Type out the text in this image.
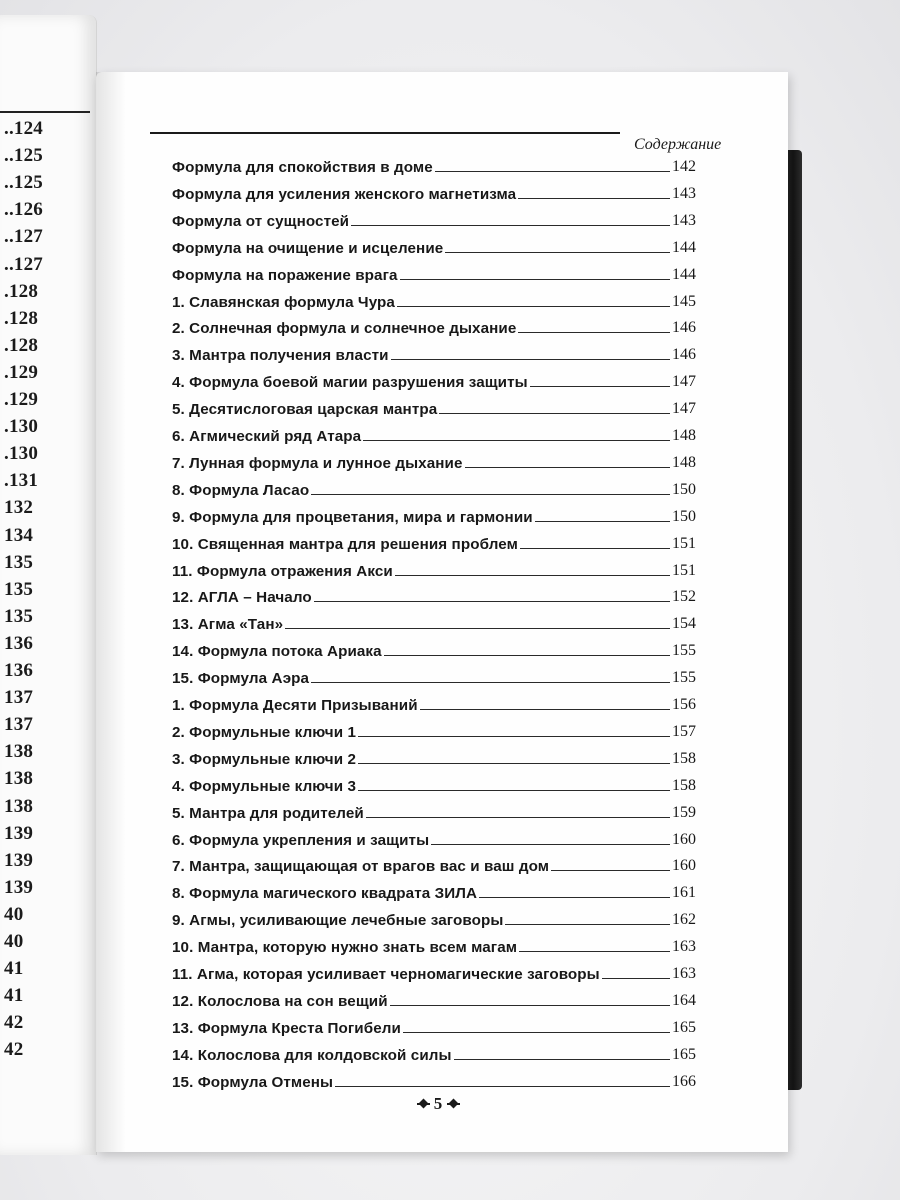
..124
..125
..125
..126
..127
..127
.128
.128
.128
.129
.129
.130
.130
.131
132
134
135
135
135
136
136
137
137
138
138
138
139
139
139
40
40
41
41
42
42
Содержание
Формула для спокойствия в доме	142
Формула для усиления женского магнетизма	143
Формула от сущностей	143
Формула на очищение и исцеление	144
Формула на поражение врага	144
1. Славянская формула Чура	145
2. Солнечная формула и солнечное дыхание	146
3. Мантра получения власти	146
4. Формула боевой магии разрушения защиты	147
5. Десятислоговая царская мантра	147
6. Агмический ряд Атара	148
7. Лунная формула и лунное дыхание	148
8. Формула Ласао	150
9. Формула для процветания, мира и гармонии	150
10. Священная мантра для решения проблем	151
11. Формула отражения Акси	151
12. АГЛА – Начало	152
13. Агма «Тан»	154
14. Формула потока Ариака	155
15. Формула Аэра	155
1. Формула Десяти Призываний	156
2. Формульные ключи 1	157
3. Формульные ключи 2	158
4. Формульные ключи 3	158
5. Мантра для родителей	159
6. Формула укрепления и защиты	160
7. Мантра, защищающая от врагов вас и ваш дом	160
8. Формула магического квадрата ЗИЛА	161
9. Агмы, усиливающие лечебные заговоры	162
10. Мантра, которую нужно знать всем магам	163
11. Агма, которая усиливает черномагические заговоры	163
12. Колослова на сон вещий	164
13. Формула Креста Погибели	165
14. Колослова для колдовской силы	165
15. Формула Отмены	166
5
